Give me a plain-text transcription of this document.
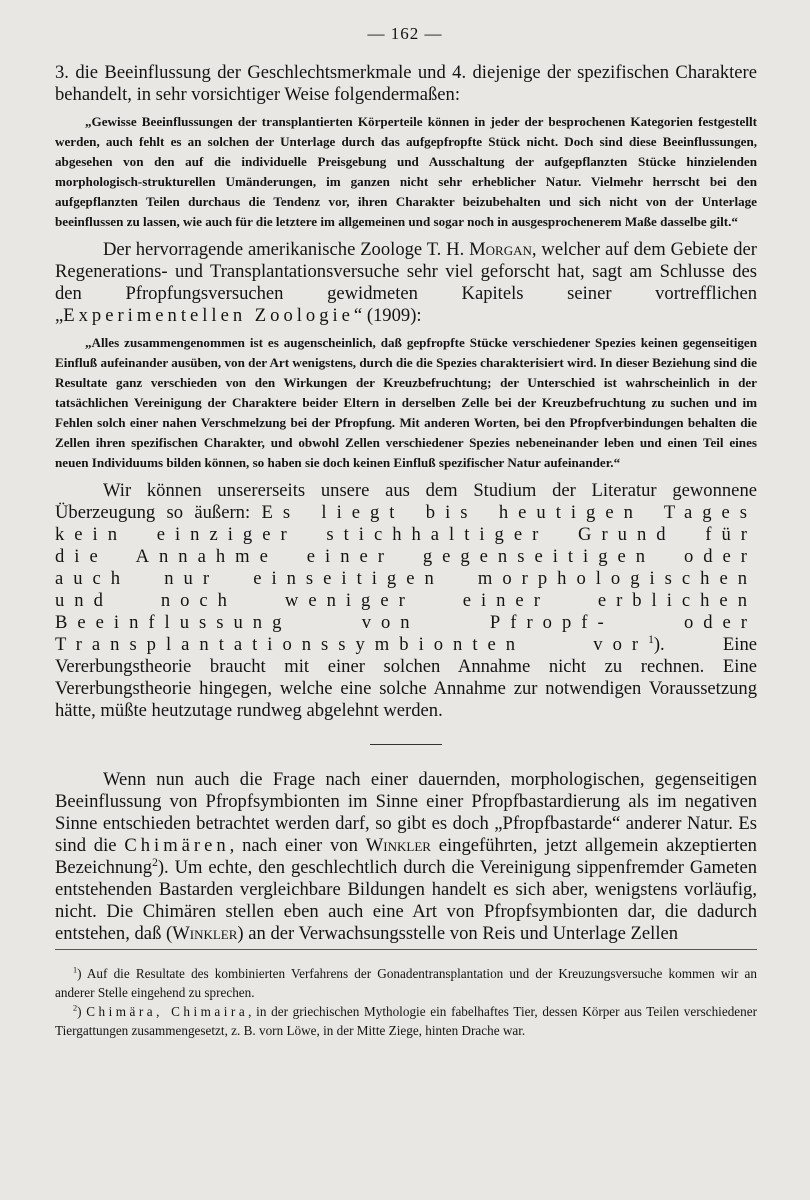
— 162 —

3. die Beeinflussung der Geschlechtsmerkmale und 4. diejenige der spezifischen Charaktere behandelt, in sehr vorsichtiger Weise folgendermaßen:

„Gewisse Beeinflussungen der transplantierten Körperteile können in jeder der besprochenen Kategorien festgestellt werden, auch fehlt es an solchen der Unterlage durch das aufgepfropfte Stück nicht. Doch sind diese Beeinflussungen, abgesehen von den auf die individuelle Preisgebung und Ausschaltung der aufgepflanzten Stücke hinzielenden morphologisch-strukturellen Umänderungen, im ganzen nicht sehr erheblicher Natur. Vielmehr herrscht bei den aufgepflanzten Teilen durchaus die Tendenz vor, ihren Charakter beizubehalten und sich nicht von der Unterlage beeinflussen zu lassen, wie auch für die letztere im allgemeinen und sogar noch in ausgesprochenerem Maße dasselbe gilt.“

Der hervorragende amerikanische Zoologe T. H. Morgan, welcher auf dem Gebiete der Regenerations- und Transplantationsversuche sehr viel geforscht hat, sagt am Schlusse des den Pfropfungsversuchen gewidmeten Kapitels seiner vortrefflichen „Experimentellen Zoologie“ (1909):

„Alles zusammengenommen ist es augenscheinlich, daß gepfropfte Stücke verschiedener Spezies keinen gegenseitigen Einfluß aufeinander ausüben, von der Art wenigstens, durch die die Spezies charakterisiert wird. In dieser Beziehung sind die Resultate ganz verschieden von den Wirkungen der Kreuzbefruchtung; der Unterschied ist wahrscheinlich in der tatsächlichen Vereinigung der Charaktere beider Eltern in derselben Zelle bei der Kreuzbefruchtung zu suchen und im Fehlen solch einer nahen Verschmelzung bei der Pfropfung. Mit anderen Worten, bei den Pfropfverbindungen behalten die Zellen ihren spezifischen Charakter, und obwohl Zellen verschiedener Spezies nebeneinander leben und einen Teil eines neuen Individuums bilden können, so haben sie doch keinen Einfluß spezifischer Natur aufeinander.“

Wir können unsererseits unsere aus dem Studium der Literatur gewonnene Überzeugung so äußern: Es liegt bis heutigen Tages kein einziger stichhaltiger Grund für die Annahme einer gegenseitigen oder auch nur einseitigen morphologischen und noch weniger einer erblichen Beeinflussung von Pfropf- oder Transplantationssymbionten vor$^1$). Eine Vererbungstheorie braucht mit einer solchen Annahme nicht zu rechnen. Eine Vererbungstheorie hingegen, welche eine solche Annahme zur notwendigen Voraussetzung hätte, müßte heutzutage rundweg abgelehnt werden.

Wenn nun auch die Frage nach einer dauernden, morphologischen, gegenseitigen Beeinflussung von Pfropfsymbionten im Sinne einer Pfropfbastardierung als im negativen Sinne entschieden betrachtet werden darf, so gibt es doch „Pfropfbastarde“ anderer Natur. Es sind die Chimären, nach einer von Winkler eingeführten, jetzt allgemein akzeptierten Bezeichnung$^2$). Um echte, den geschlechtlich durch die Vereinigung sippenfremder Gameten entstehenden Bastarden vergleichbare Bildungen handelt es sich aber, wenigstens vorläufig, nicht. Die Chimären stellen eben auch eine Art von Pfropfsymbionten dar, die dadurch entstehen, daß (Winkler) an der Verwachsungsstelle von Reis und Unterlage Zellen

$^1$) Auf die Resultate des kombinierten Verfahrens der Gonadentransplantation und der Kreuzungsversuche kommen wir an anderer Stelle eingehend zu sprechen.

$^2$) Chimära, Chimaira, in der griechischen Mythologie ein fabelhaftes Tier, dessen Körper aus Teilen verschiedener Tiergattungen zusammengesetzt, z. B. vorn Löwe, in der Mitte Ziege, hinten Drache war.
